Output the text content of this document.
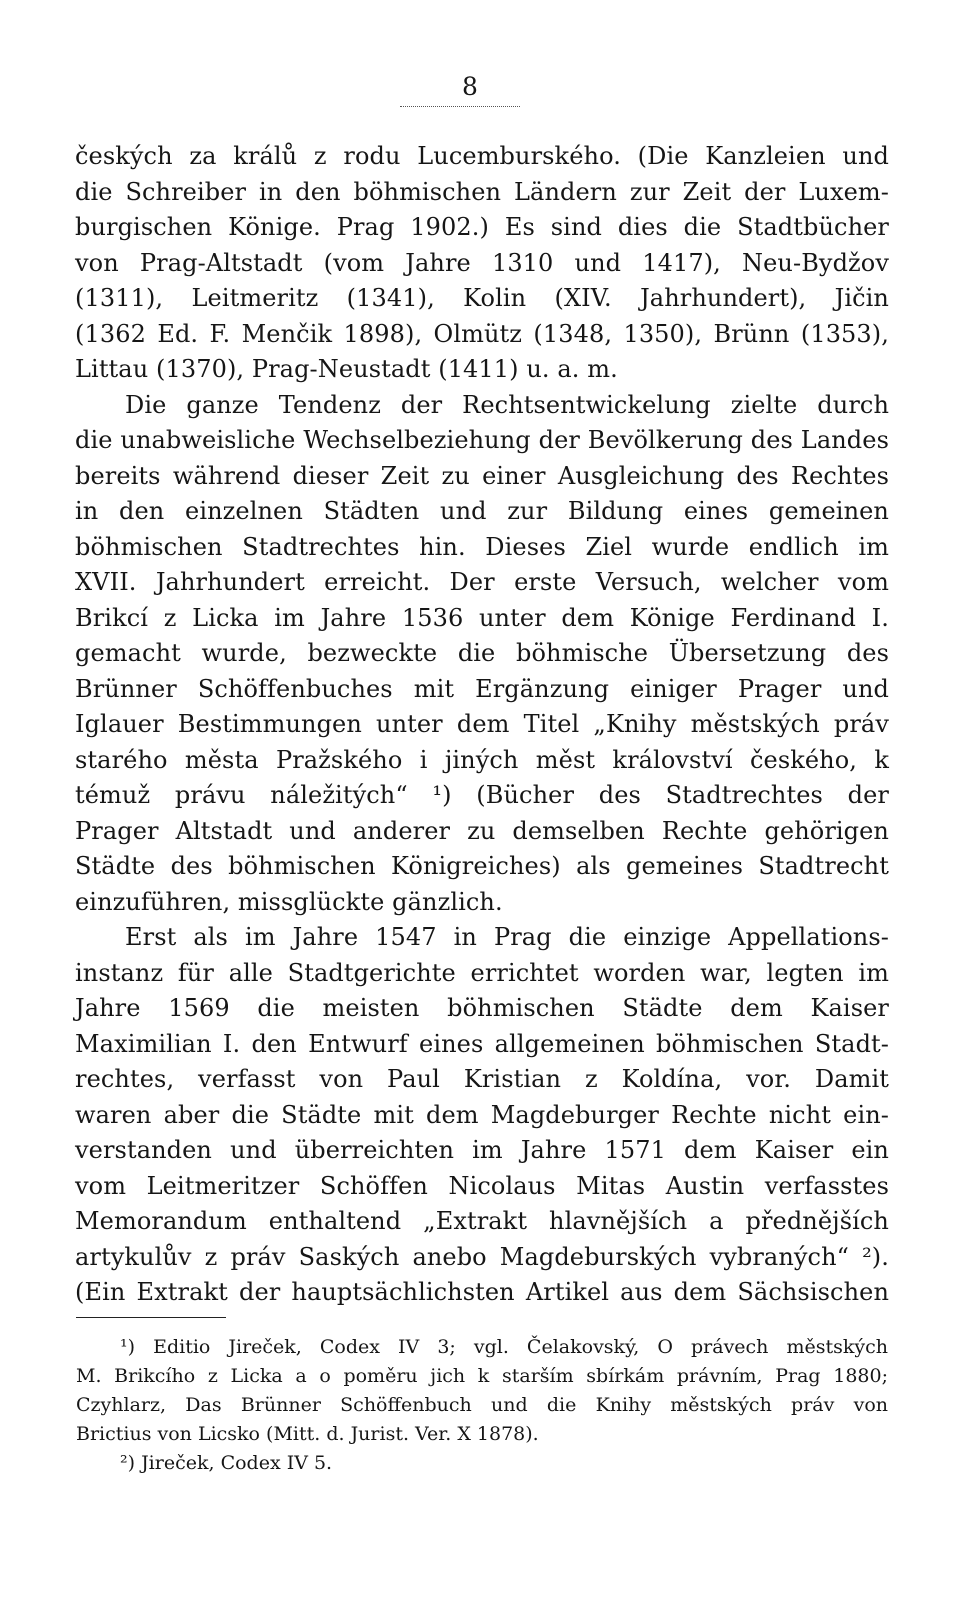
8
českých za králů z rodu Lucemburského. (Die Kanzleien und
die Schreiber in den böhmischen Ländern zur Zeit der Luxem-
burgischen Könige. Prag 1902.) Es sind dies die Stadtbücher
von Prag-Altstadt (vom Jahre 1310 und 1417), Neu-Bydžov
(1311), Leitmeritz (1341), Kolin (XIV. Jahrhundert), Jičin
(1362 Ed. F. Menčik 1898), Olmütz (1348, 1350), Brünn (1353),
Littau (1370), Prag-Neustadt (1411) u. a. m.
Die ganze Tendenz der Rechtsentwickelung zielte durch
die unabweisliche Wechselbeziehung der Bevölkerung des Landes
bereits während dieser Zeit zu einer Ausgleichung des Rechtes
in den einzelnen Städten und zur Bildung eines gemeinen
böhmischen Stadtrechtes hin. Dieses Ziel wurde endlich im
XVII. Jahrhundert erreicht. Der erste Versuch, welcher vom
Brikcí z Licka im Jahre 1536 unter dem Könige Ferdinand I.
gemacht wurde, bezweckte die böhmische Übersetzung des
Brünner Schöffenbuches mit Ergänzung einiger Prager und
Iglauer Bestimmungen unter dem Titel „Knihy městských práv
starého města Pražského i jiných měst království českého, k
témuž právu náležitých“ ¹) (Bücher des Stadtrechtes der
Prager Altstadt und anderer zu demselben Rechte gehörigen
Städte des böhmischen Königreiches) als gemeines Stadtrecht
einzuführen, missglückte gänzlich.
Erst als im Jahre 1547 in Prag die einzige Appellations-
instanz für alle Stadtgerichte errichtet worden war, legten im
Jahre 1569 die meisten böhmischen Städte dem Kaiser
Maximilian I. den Entwurf eines allgemeinen böhmischen Stadt-
rechtes, verfasst von Paul Kristian z Koldína, vor. Damit
waren aber die Städte mit dem Magdeburger Rechte nicht ein-
verstanden und überreichten im Jahre 1571 dem Kaiser ein
vom Leitmeritzer Schöffen Nicolaus Mitas Austin verfasstes
Memorandum enthaltend „Extrakt hlavnějších a přednějších
artykulův z práv Saských anebo Magdeburských vybraných“ ²).
(Ein Extrakt der hauptsächlichsten Artikel aus dem Sächsischen
¹) Editio Jireček, Codex IV 3; vgl. Čelakovský, O právech městských
M. Brikcího z Licka a o poměru jich k starším sbírkám právním, Prag 1880;
Czyhlarz, Das Brünner Schöffenbuch und die Knihy městských práv von
Brictius von Licsko (Mitt. d. Jurist. Ver. X 1878).
²) Jireček, Codex IV 5.
